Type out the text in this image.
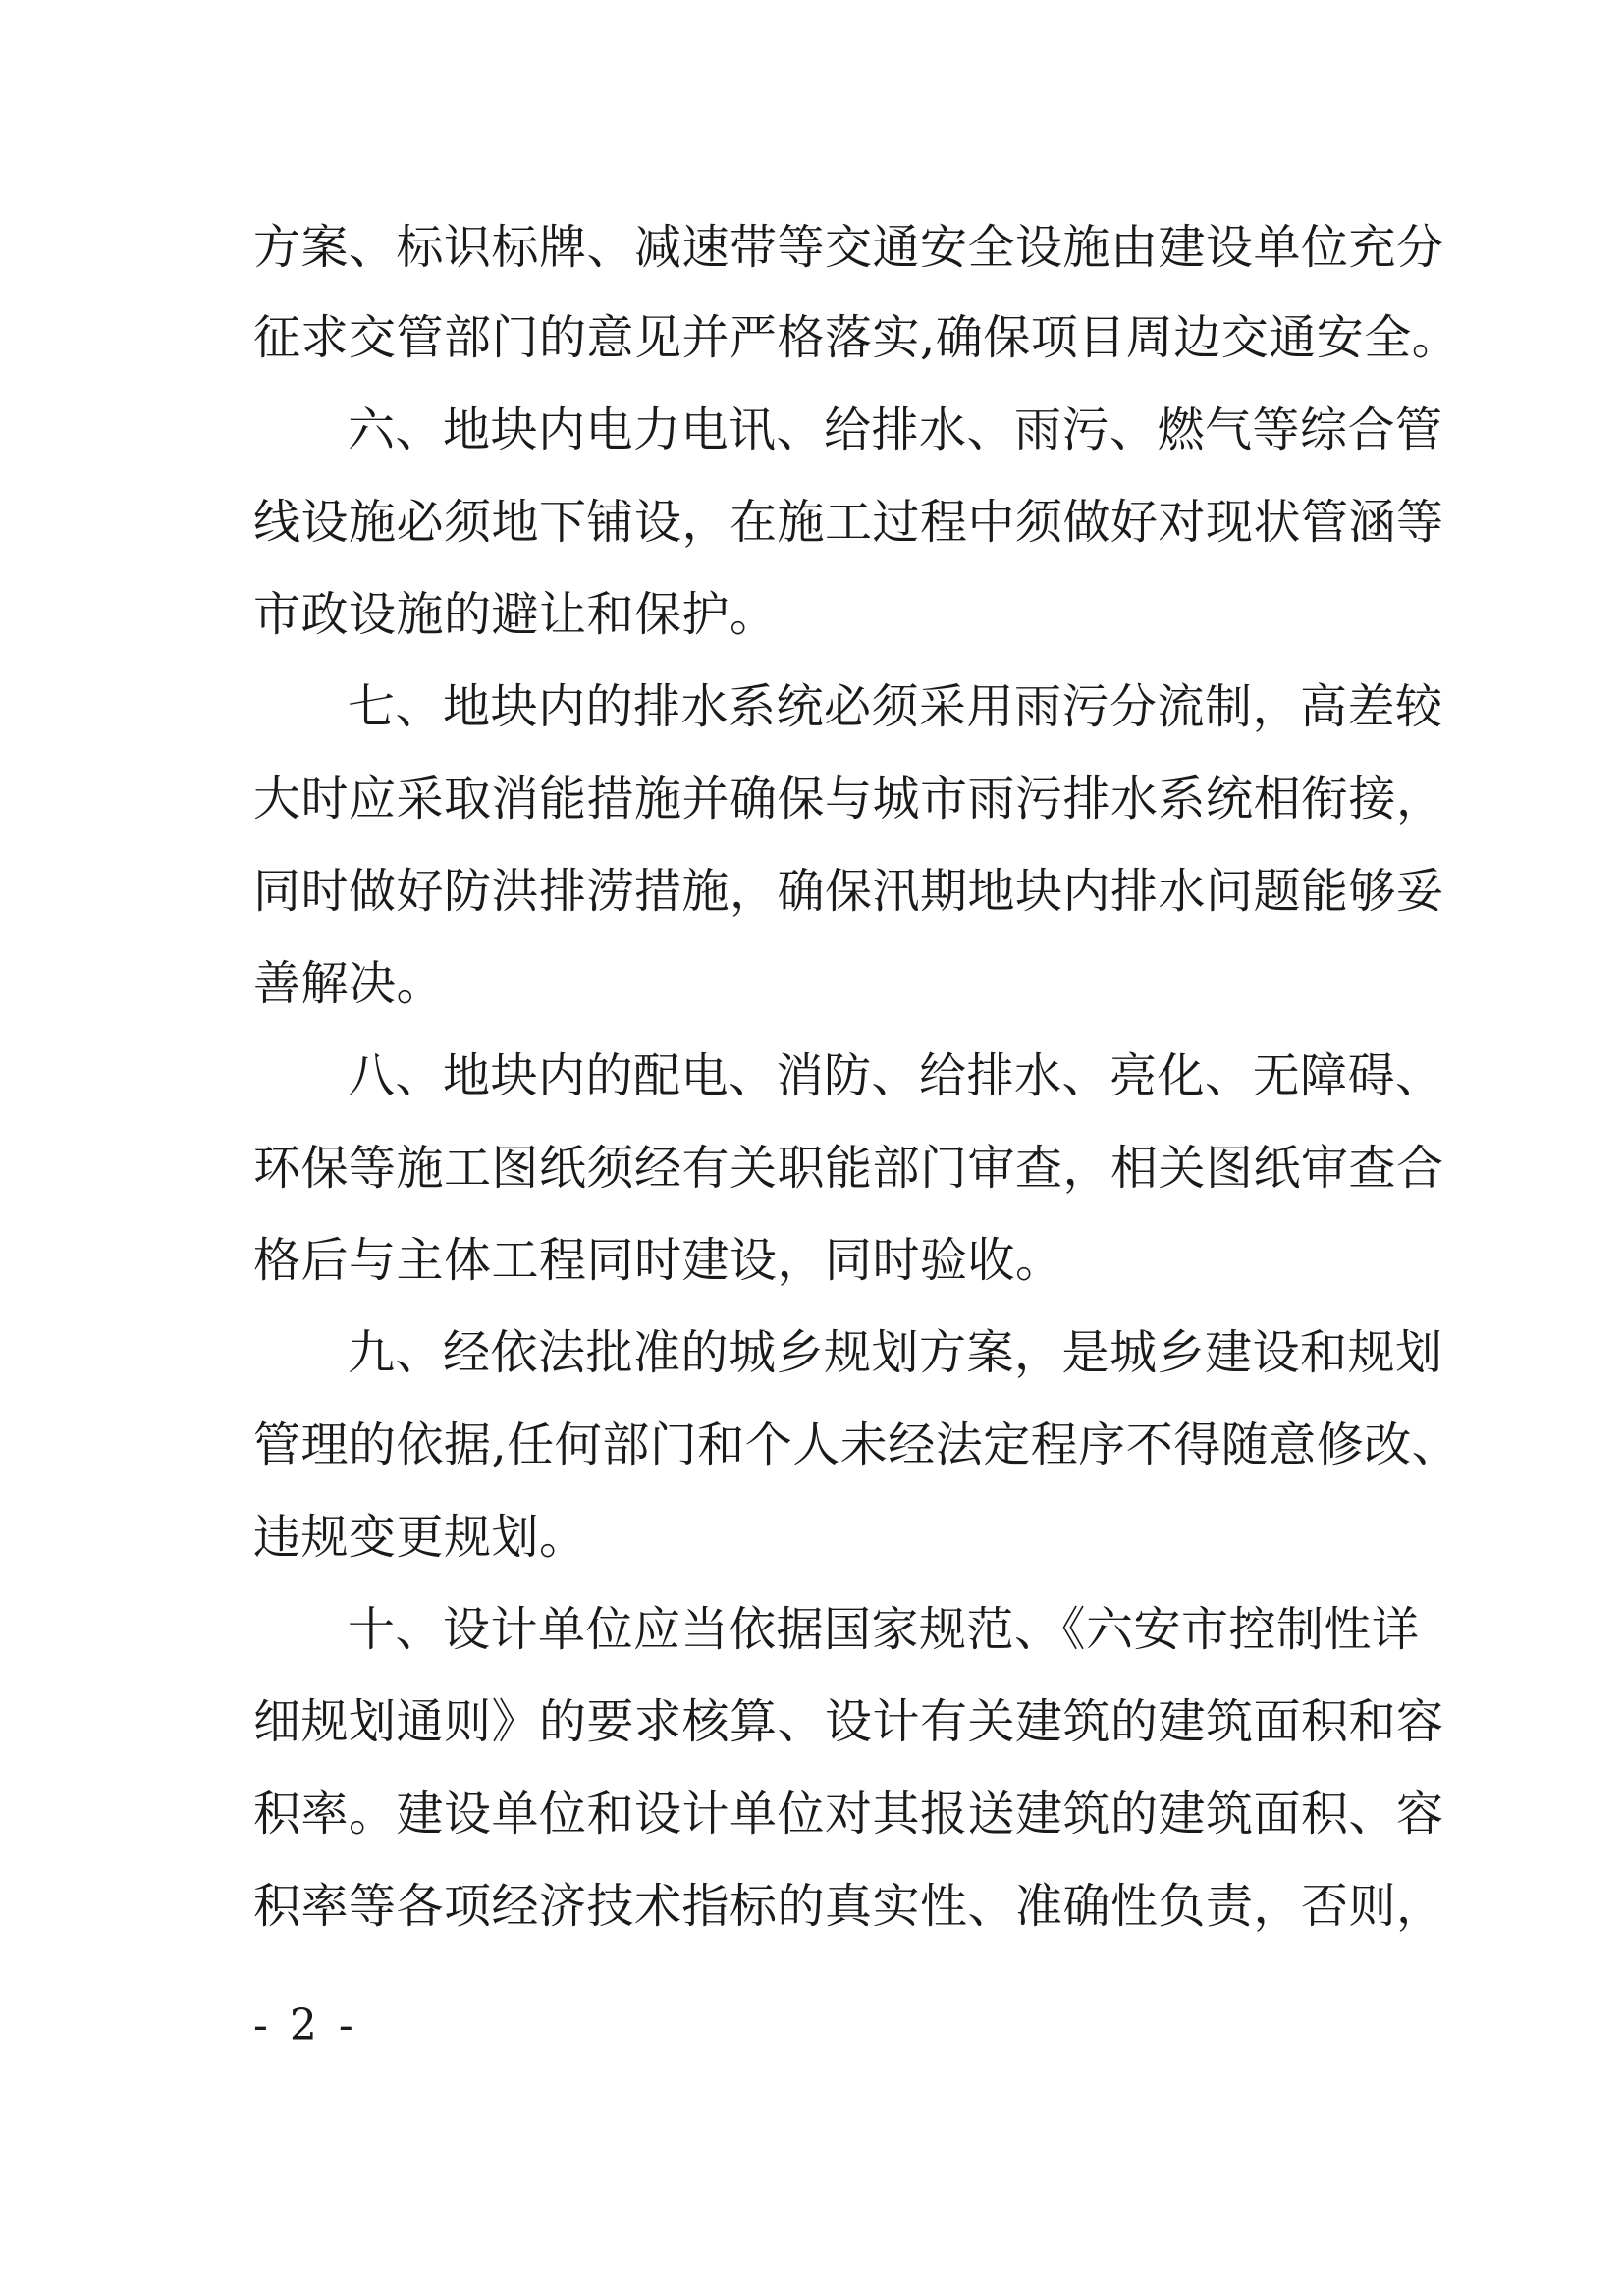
方案、标识标牌、减速带等交通安全设施由建设单位充分
征求交管部门的意见并严格落实,确保项目周边交通安全。
六、地块内电力电讯、给排水、雨污、燃气等综合管
线设施必须地下铺设，在施工过程中须做好对现状管涵等
市政设施的避让和保护。
七、地块内的排水系统必须采用雨污分流制，高差较
大时应采取消能措施并确保与城市雨污排水系统相衔接，
同时做好防洪排涝措施，确保汛期地块内排水问题能够妥
善解决。
八、地块内的配电、消防、给排水、亮化、无障碍、
环保等施工图纸须经有关职能部门审查，相关图纸审查合
格后与主体工程同时建设，同时验收。
九、经依法批准的城乡规划方案，是城乡建设和规划
管理的依据,任何部门和个人未经法定程序不得随意修改、
违规变更规划。
十、设计单位应当依据国家规范、《六安市控制性详
细规划通则》的要求核算、设计有关建筑的建筑面积和容
积率。建设单位和设计单位对其报送建筑的建筑面积、容
积率等各项经济技术指标的真实性、准确性负责，否则，
- 2 -
